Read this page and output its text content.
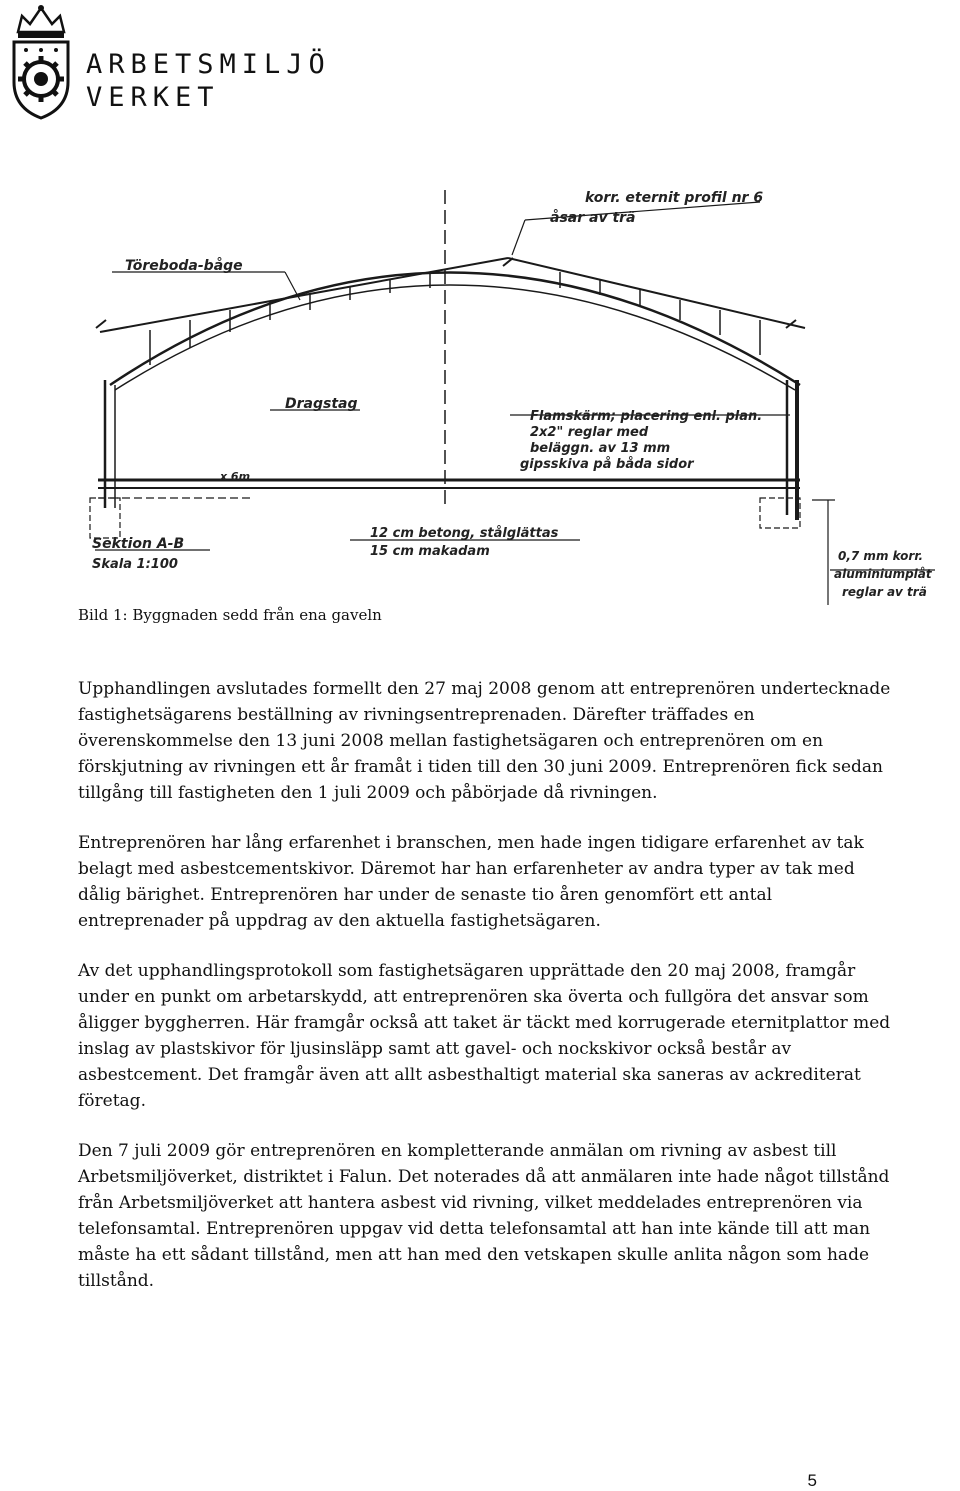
ARBETSMILJÖ
VERKET
korr. eternit profil nr 6
åsar av trä
Töreboda-båge
Dragstag
Flamskärm; placering enl. plan.
2x2" reglar med
beläggn. av 13 mm
gipsskiva på båda sidor
x 6m
Sektion A-B
Skala 1:100
12 cm betong, stålglättas
15 cm makadam	0,7 mm korr.
aluminiumplåt
reglar av trä
Bild 1: Byggnaden sedd från ena gaveln

Upphandlingen avslutades formellt den 27 maj 2008 genom att entreprenören undertecknade fastighetsägarens beställning av rivningsentreprenaden. Därefter träffades en överenskommelse den 13 juni 2008 mellan fastighetsägaren och entreprenören om en förskjutning av rivningen ett år framåt i tiden till den 30 juni 2009. Entreprenören fick sedan tillgång till fastigheten den 1 juli 2009 och påbörjade då rivningen.

Entreprenören har lång erfarenhet i branschen, men hade ingen tidigare erfarenhet av tak belagt med asbestcementskivor. Däremot har han erfarenheter av andra typer av tak med dålig bärighet. Entreprenören har under de senaste tio åren genomfört ett antal entreprenader på uppdrag av den aktuella fastighetsägaren.

Av det upphandlingsprotokoll som fastighetsägaren upprättade den 20 maj 2008, framgår under en punkt om arbetarskydd, att entreprenören ska överta och fullgöra det ansvar som åligger byggherren. Här framgår också att taket är täckt med korrugerade eternitplattor med inslag av plastskivor för ljusinsläpp samt att gavel- och nockskivor också består av asbestcement. Det framgår även att allt asbesthaltigt material ska saneras av ackrediterat företag.

Den 7 juli 2009 gör entreprenören en kompletterande anmälan om rivning av asbest till Arbetsmiljöverket, distriktet i Falun. Det noterades då att anmälaren inte hade något tillstånd från Arbetsmiljöverket att hantera asbest vid rivning, vilket meddelades entreprenören via telefonsamtal. Entreprenören uppgav vid detta telefonsamtal att han inte kände till att man måste ha ett sådant tillstånd, men att han med den vetskapen skulle anlita någon som hade tillstånd.

5
